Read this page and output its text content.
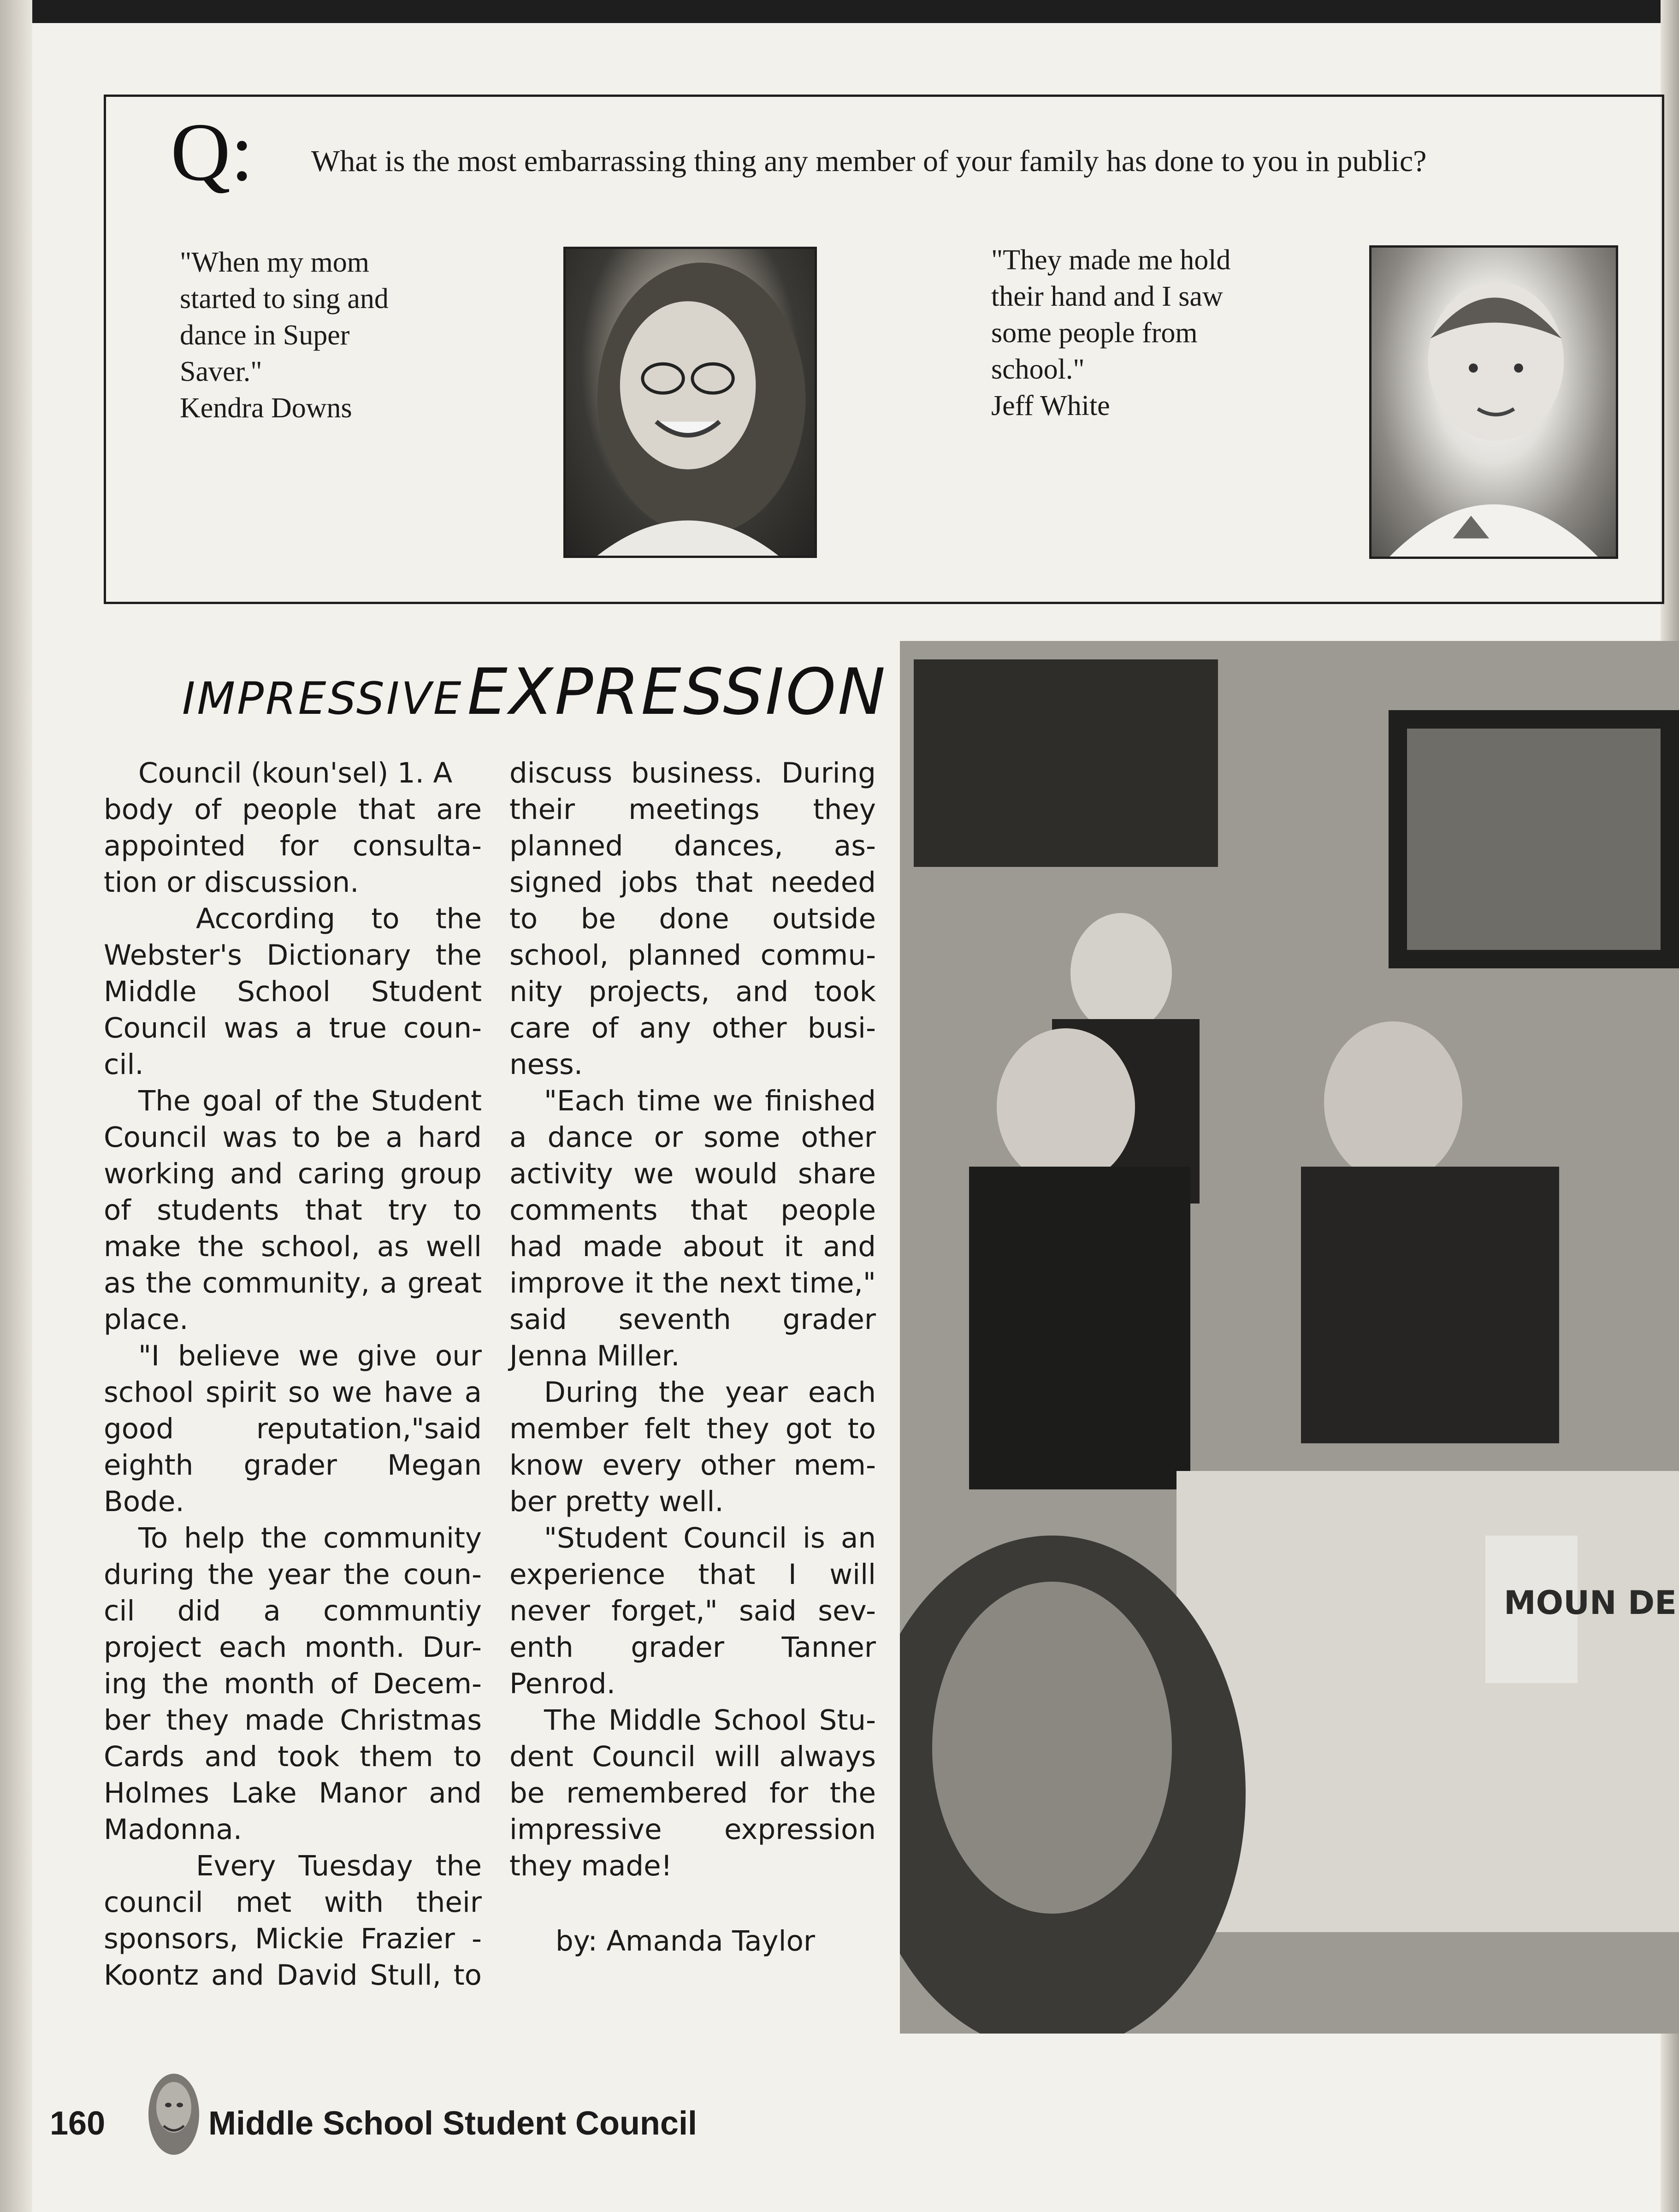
Q: What is the most embarrassing thing any member of your family has done to you in public?
"When my mom
started to sing and
dance in Super
Saver."
Kendra Downs
"They made me hold
their hand and I saw
some people from
school."
Jeff White
IMPRESSIVE EXPRESSION
Council (koun'sel) 1. A
body of people that are
appointed for consulta-
tion or discussion.
According to the
Webster's Dictionary the
Middle School Student
Council was a true coun-
cil.
The goal of the Student
Council was to be a hard
working and caring group
of students that try to
make the school, as well
as the community, a great
place.
"I believe we give our
school spirit so we have a
good reputation,"said
eighth grader Megan
Bode.
To help the community
during the year the coun-
cil did a communtiy
project each month. Dur-
ing the month of Decem-
ber they made Christmas
Cards and took them to
Holmes Lake Manor and
Madonna.
Every Tuesday the
council met with their
sponsors, Mickie Frazier -
Koontz and David Stull, to
discuss business. During
their meetings they
planned dances, as-
signed jobs that needed
to be done outside
school, planned commu-
nity projects, and took
care of any other busi-
ness.
"Each time we finished
a dance or some other
activity we would share
comments that people
had made about it and
improve it the next time,"
said seventh grader
Jenna Miller.
During the year each
member felt they got to
know every other mem-
ber pretty well.
"Student Council is an
experience that I will
never forget," said sev-
enth grader Tanner
Penrod.
The Middle School Stu-
dent Council will always
be remembered for the
impressive expression
they made!
by: Amanda Taylor
MOUN DE
160	Middle School Student Council
